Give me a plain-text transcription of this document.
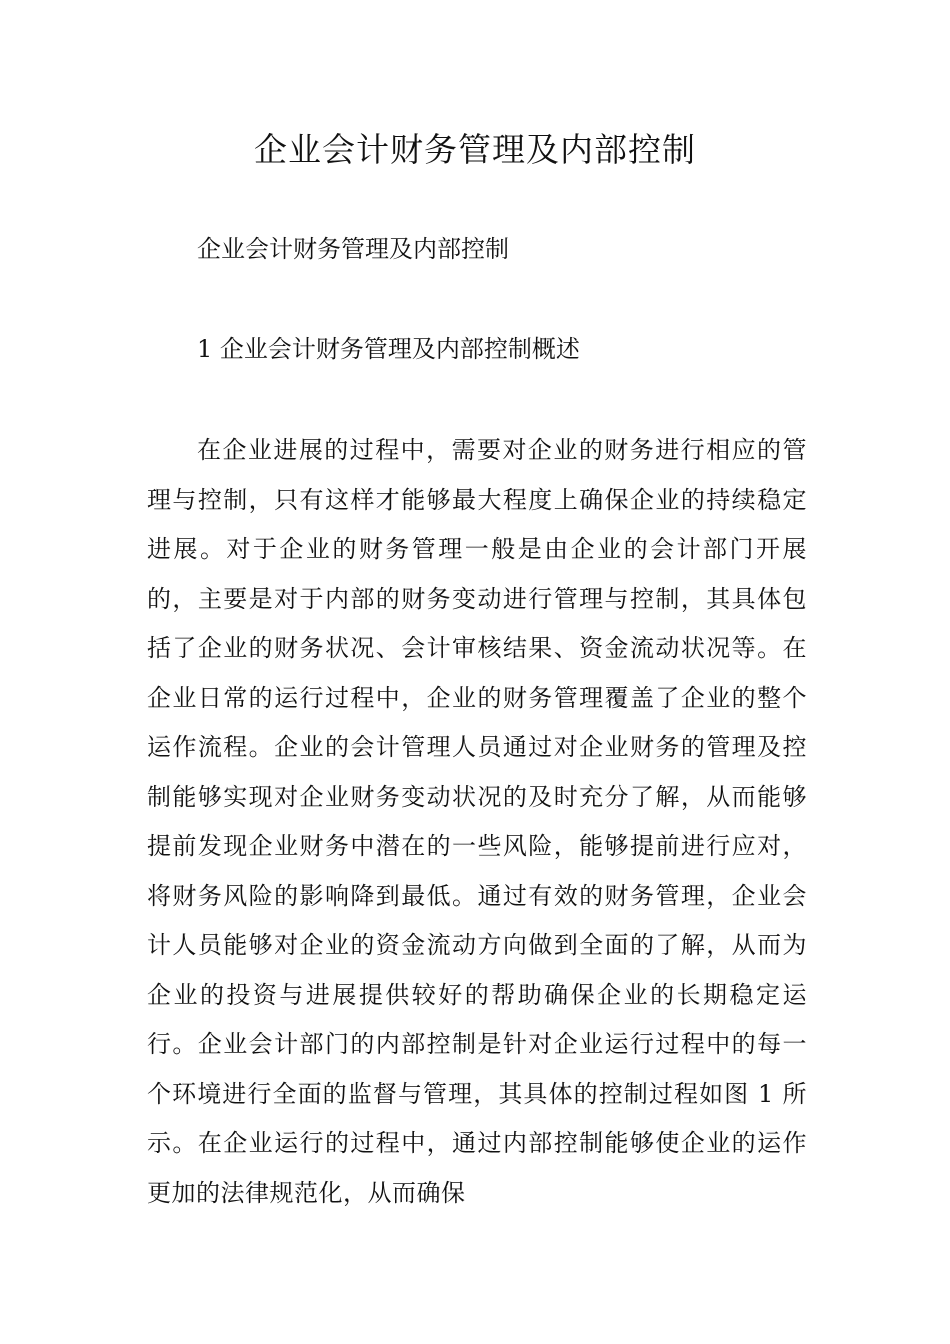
企业会计财务管理及内部控制

企业会计财务管理及内部控制

1 企业会计财务管理及内部控制概述

在企业进展的过程中，需要对企业的财务进行相应的管理与控制，只有这样才能够最大程度上确保企业的持续稳定进展。对于企业的财务管理一般是由企业的会计部门开展的，主要是对于内部的财务变动进行管理与控制，其具体包括了企业的财务状况、会计审核结果、资金流动状况等。在企业日常的运行过程中，企业的财务管理覆盖了企业的整个运作流程。企业的会计管理人员通过对企业财务的管理及控制能够实现对企业财务变动状况的及时充分了解，从而能够提前发现企业财务中潜在的一些风险，能够提前进行应对，将财务风险的影响降到最低。通过有效的财务管理，企业会计人员能够对企业的资金流动方向做到全面的了解，从而为企业的投资与进展提供较好的帮助确保企业的长期稳定运行。企业会计部门的内部控制是针对企业运行过程中的每一个环境进行全面的监督与管理，其具体的控制过程如图 1 所示。在企业运行的过程中，通过内部控制能够使企业的运作更加的法律规范化，从而确保
